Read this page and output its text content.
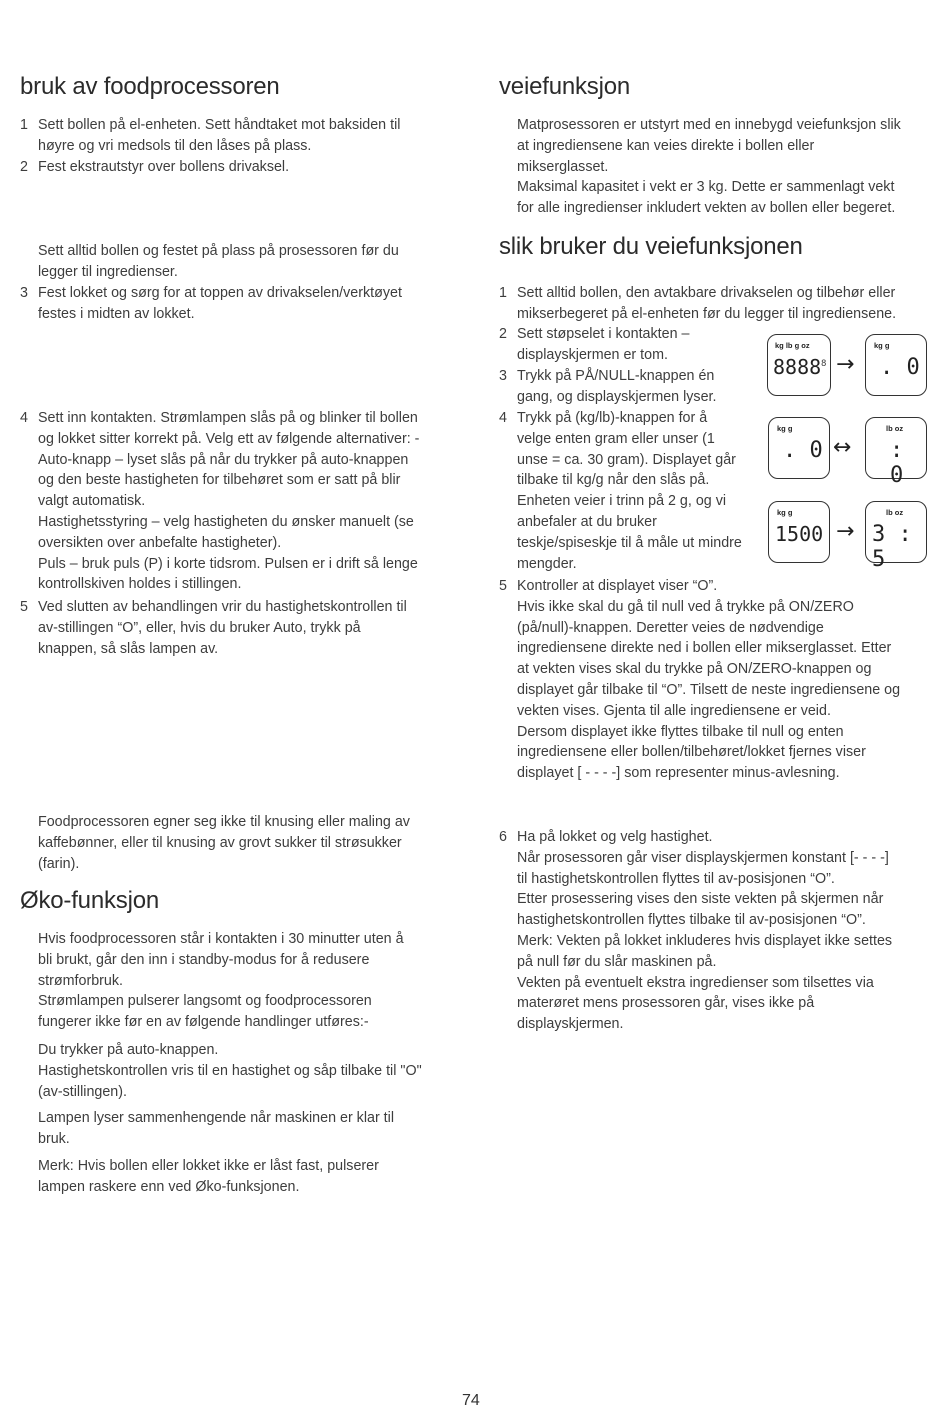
bruk av foodprocessoren
1 Sett bollen på el-enheten. Sett håndtaket mot baksiden til
høyre og vri medsols til den låses på plass.
2 Fest ekstrautstyr over bollens drivaksel.
Sett alltid bollen og festet på plass på prosessoren før du
legger til ingredienser.
3 Fest lokket og sørg for at toppen av drivakselen/verktøyet
festes i midten av lokket.
4 Sett inn kontakten. Strømlampen slås på og blinker til bollen
og lokket sitter korrekt på. Velg ett av følgende alternativer: -
Auto-knapp – lyset slås på når du trykker på auto-knappen
og den beste hastigheten for tilbehøret som er satt på blir
valgt automatisk.
Hastighetsstyring – velg hastigheten du ønsker manuelt (se
oversikten over anbefalte hastigheter).
Puls – bruk puls (P) i korte tidsrom. Pulsen er i drift så lenge
kontrollskiven holdes i stillingen.
5 Ved slutten av behandlingen vrir du hastighetskontrollen til
av-stillingen “O”, eller, hvis du bruker Auto, trykk på
knappen, så slås lampen av.
Foodprocessoren egner seg ikke til knusing eller maling av
kaffebønner, eller til knusing av grovt sukker til strøsukker
(farin).
Øko-funksjon
Hvis foodprocessoren står i kontakten i 30 minutter uten å
bli brukt, går den inn i standby-modus for å redusere
strømforbruk.
Strømlampen pulserer langsomt og foodprocessoren
fungerer ikke før en av følgende handlinger utføres:-
Du trykker på auto-knappen.
Hastighetskontrollen vris til en hastighet og såp tilbake til "O"
(av-stillingen).
Lampen lyser sammenhengende når maskinen er klar til
bruk.
Merk: Hvis bollen eller lokket ikke er låst fast, pulserer
lampen raskere enn ved Øko-funksjonen.
veiefunksjon
Matprosessoren er utstyrt med en innebygd veiefunksjon slik
at ingrediensene kan veies direkte i bollen eller
mikserglasset.
Maksimal kapasitet i vekt er 3 kg. Dette er sammenlagt vekt
for alle ingredienser inkludert vekten av bollen eller begeret.
slik bruker du veiefunksjonen
1 Sett alltid bollen, den avtakbare drivakselen og tilbehør eller
mikserbegeret på el-enheten før du legger til ingrediensene.
2 Sett støpselet i kontakten –
displayskjermen er tom.
3 Trykk på PÅ/NULL-knappen én
gang, og displayskjermen lyser.
4 Trykk på (kg/lb)-knappen for å
velge enten gram eller unser (1
unse = ca. 30 gram). Displayet går
tilbake til kg/g når den slås på.
Enheten veier i trinn på 2 g, og vi
anbefaler at du bruker
teskje/spiseskje til å måle ut mindre
mengder.
5 Kontroller at displayet viser “O”.
Hvis ikke skal du gå til null ved å trykke på ON/ZERO
(på/null)-knappen. Deretter veies de nødvendige
ingrediensene direkte ned i bollen eller mikserglasset. Etter
at vekten vises skal du trykke på ON/ZERO-knappen og
displayet går tilbake til “O”. Tilsett de neste ingrediensene og
vekten vises. Gjenta til alle ingrediensene er veid.
Dersom displayet ikke flyttes tilbake til null og enten
ingrediensene eller bollen/tilbehøret/lokket fjernes viser
displayet [ - - - -] som representer minus-avlesning.
6 Ha på lokket og velg hastighet.
Når prosessoren går viser displayskjermen konstant [- - - -]
til hastighetskontrollen flyttes til av-posisjonen “O”.
Etter prosessering vises den siste vekten på skjermen når
hastighetskontrollen flyttes tilbake til av-posisjonen “O”.
Merk: Vekten på lokket inkluderes hvis displayet ikke settes
på null før du slår maskinen på.
Vekten på eventuelt ekstra ingredienser som tilsettes via
materøret mens prosessoren går, vises ikke på
displayskjermen.
kg lb g oz
8888 8 →
kg g
. 0
kg g
. 0 ↔
lb oz
: 0
kg g
1500 →
lb oz
3 : 5
74
